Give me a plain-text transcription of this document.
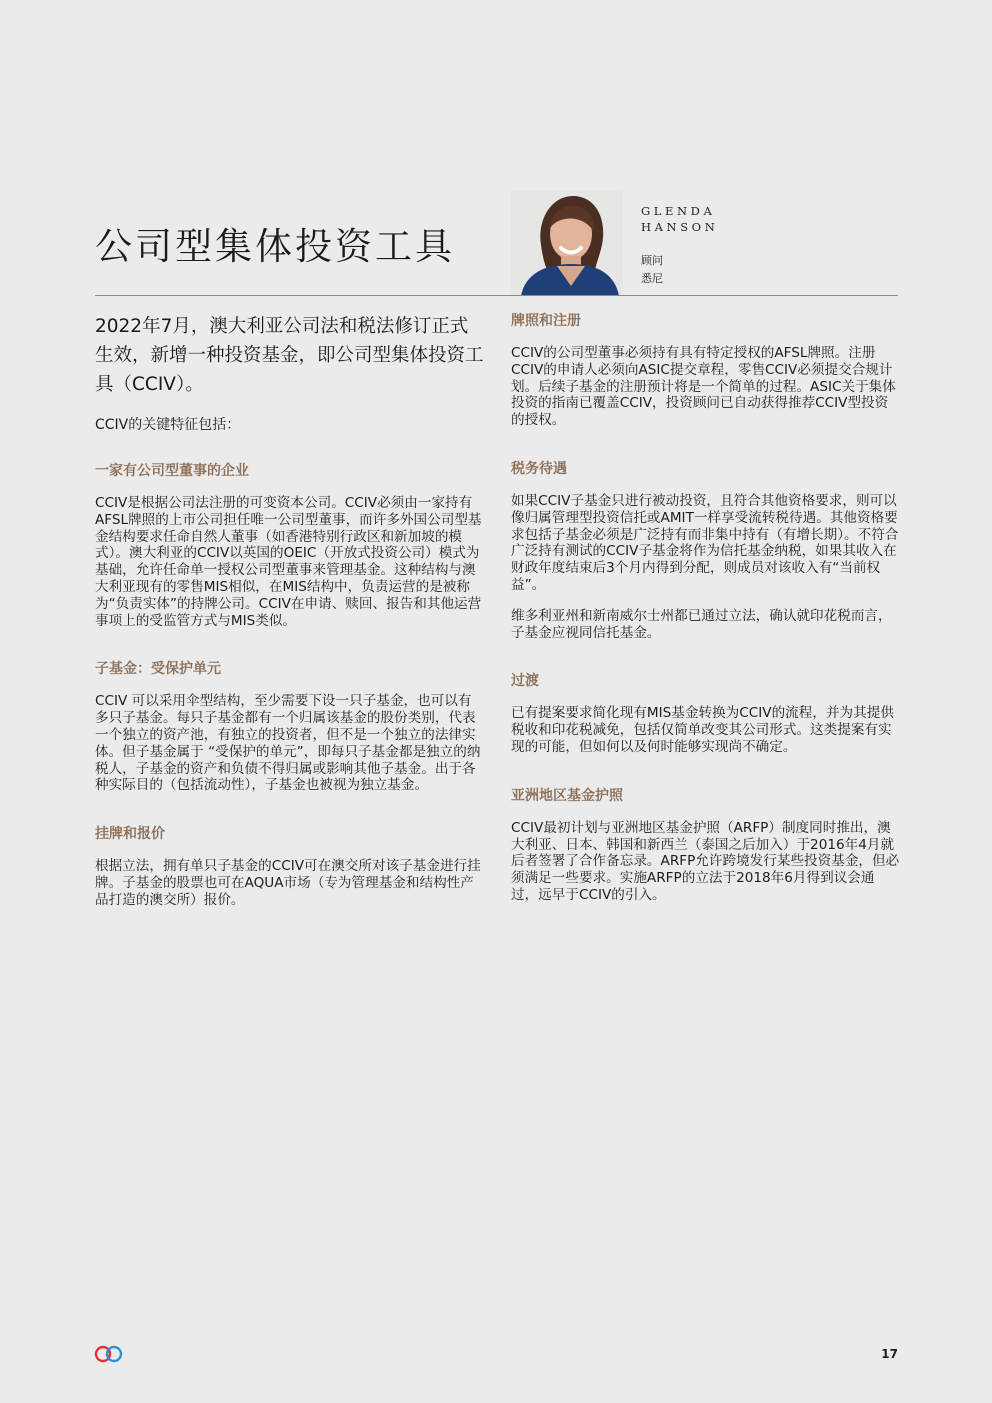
公司型集体投资工具
GLENDA
HANSON
顾问
悉尼

2022年7月，澳大利亚公司法和税法修订正式生效，新增一种投资基金，即公司型集体投资工具（CCIV）。

CCIV的关键特征包括：

一家有公司型董事的企业

CCIV是根据公司法注册的可变资本公司。CCIV必须由一家持有AFSL牌照的上市公司担任唯一公司型董事，而许多外国公司型基金结构要求任命自然人董事（如香港特别行政区和新加坡的模式）。澳大利亚的CCIV以英国的OEIC（开放式投资公司）模式为基础，允许任命单一授权公司型董事来管理基金。这种结构与澳大利亚现有的零售MIS相似，在MIS结构中，负责运营的是被称为“负责实体”的持牌公司。CCIV在申请、赎回、报告和其他运营事项上的受监管方式与MIS类似。

子基金：受保护单元

CCIV 可以采用伞型结构，至少需要下设一只子基金，也可以有多只子基金。每只子基金都有一个归属该基金的股份类别，代表一个独立的资产池，有独立的投资者，但不是一个独立的法律实体。但子基金属于 “受保护的单元”，即每只子基金都是独立的纳税人，子基金的资产和负债不得归属或影响其他子基金。出于各种实际目的（包括流动性），子基金也被视为独立基金。

挂牌和报价

根据立法，拥有单只子基金的CCIV可在澳交所对该子基金进行挂牌。子基金的股票也可在AQUA市场（专为管理基金和结构性产品打造的澳交所）报价。

牌照和注册

CCIV的公司型董事必须持有具有特定授权的AFSL牌照。注册CCIV的申请人必须向ASIC提交章程，零售CCIV必须提交合规计划。后续子基金的注册预计将是一个简单的过程。ASIC关于集体投资的指南已覆盖CCIV，投资顾问已自动获得推荐CCIV型投资的授权。

税务待遇

如果CCIV子基金只进行被动投资，且符合其他资格要求，则可以像归属管理型投资信托或AMIT一样享受流转税待遇。其他资格要求包括子基金必须是广泛持有而非集中持有（有增长期）。不符合广泛持有测试的CCIV子基金将作为信托基金纳税，如果其收入在财政年度结束后3个月内得到分配，则成员对该收入有“当前权益”。

维多利亚州和新南威尔士州都已通过立法，确认就印花税而言，子基金应视同信托基金。

过渡

已有提案要求简化现有MIS基金转换为CCIV的流程，并为其提供税收和印花税减免，包括仅简单改变其公司形式。这类提案有实现的可能，但如何以及何时能够实现尚不确定。

亚洲地区基金护照

CCIV最初计划与亚洲地区基金护照（ARFP）制度同时推出，澳大利亚、日本、韩国和新西兰（泰国之后加入）于2016年4月就后者签署了合作备忘录。ARFP允许跨境发行某些投资基金，但必须满足一些要求。实施ARFP的立法于2018年6月得到议会通过，远早于CCIV的引入。

17
